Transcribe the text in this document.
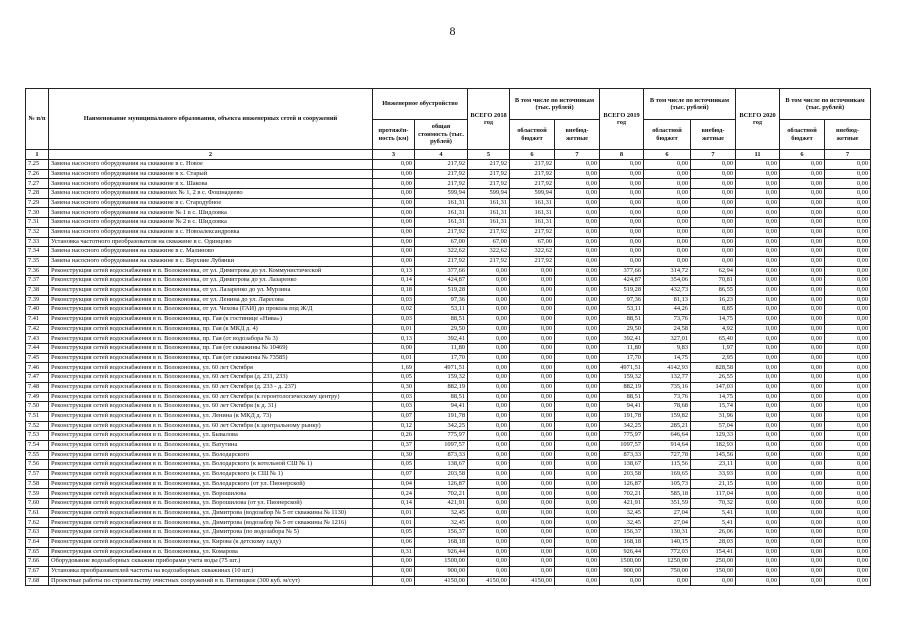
8
№ п/п	Наименование муниципального образования, объекта инженерных сетей и сооружений	Инженерное обустройство		ВСЕГО 2018 год	В том числе по источникам (тыс. рублей)		ВСЕГО 2019 год	В том числе по источникам (тыс. рублей)		ВСЕГО 2020 год	В том числе по источникам (тыс. рублей)	
		протяжён-ность (км)	общая стоимость (тыс. рублей)		областной бюджет	внебюд-жетные		областной бюджет	внебюд-жетные		областной бюджет	внебюд-жетные
1	2	3	4	5	6	7	8	6	7	11	6	7
7.25	Замена насосного оборудования на скважине в с. Новое	0,00	217,92	217,92	217,92	0,00	0,00	0,00	0,00	0,00	0,00	0,00
7.26	Замена насосного оборудования на скважине в х. Старый	0,00	217,92	217,92	217,92	0,00	0,00	0,00	0,00	0,00	0,00	0,00
7.27	Замена насосного оборудования на скважине в х. Шакова	0,00	217,92	217,92	217,92	0,00	0,00	0,00	0,00	0,00	0,00	0,00
7.28	Замена насосного оборудования на скважинах № 1, 2 в с. Фошнадеево	0,00	599,94	599,94	599,94	0,00	0,00	0,00	0,00	0,00	0,00	0,00
7.29	Замена насосного оборудования на скважине в с. Стародубное	0,00	161,31	161,31	161,31	0,00	0,00	0,00	0,00	0,00	0,00	0,00
7.30	Замена насосного оборудования на скважине № 1 в с. Шидловка	0,00	161,31	161,31	161,31	0,00	0,00	0,00	0,00	0,00	0,00	0,00
7.31	Замена насосного оборудования на скважине № 2 в с. Шидловка	0,00	161,31	161,31	161,31	0,00	0,00	0,00	0,00	0,00	0,00	0,00
7.32	Замена насосного оборудования на скважине в с. Новоалександровка	0,00	217,92	217,92	217,92	0,00	0,00	0,00	0,00	0,00	0,00	0,00
7.33	Установка частотного преобразователя на скважине в с. Одинцово	0,00	67,00	67,00	67,00	0,00	0,00	0,00	0,00	0,00	0,00	0,00
7.34	Замена насосного оборудования на скважине в с. Малиново	0,00	322,62	322,62	322,62	0,00	0,00	0,00	0,00	0,00	0,00	0,00
7.35	Замена насосного оборудования на скважине в с. Верхние Лубянки	0,00	217,92	217,92	217,92	0,00	0,00	0,00	0,00	0,00	0,00	0,00
7.36	Реконструкция сетей водоснабжения в п. Волоконовка, от ул. Димитрова до ул. Коммунистической	0,13	377,66	0,00	0,00	0,00	377,66	314,72	62,94	0,00	0,00	0,00
7.37	Реконструкция сетей водоснабжения в п. Волоконовка, от ул. Димитрова до ул. Лазаренко	0,14	424,87	0,00	0,00	0,00	424,87	354,06	70,81	0,00	0,00	0,00
7.38	Реконструкция сетей водоснабжения в п. Волоконовка, от ул. Лазаренко до ул. Мурзина	0,18	519,28	0,00	0,00	0,00	519,28	432,73	86,55	0,00	0,00	0,00
7.39	Реконструкция сетей водоснабжения в п. Волоконовка, от ул. Ленина до ул. Ларесова	0,03	97,36	0,00	0,00	0,00	97,36	81,13	16,23	0,00	0,00	0,00
7.40	Реконструкция сетей водоснабжения в п. Волоконовка, от ул. Чехова (ГАИ) до прокола под Ж/Д	0,02	53,11	0,00	0,00	0,00	53,11	44,26	8,85	0,00	0,00	0,00
7.41	Реконструкция сетей водоснабжения в п. Волоконовка, пр. Гая (к гостинице «Нива»)	0,03	88,51	0,00	0,00	0,00	88,51	73,76	14,75	0,00	0,00	0,00
7.42	Реконструкция сетей водоснабжения в п. Волоконовка, пр. Гая (к МКД д. 4)	0,01	29,50	0,00	0,00	0,00	29,50	24,58	4,92	0,00	0,00	0,00
7.43	Реконструкция сетей водоснабжения в п. Волоконовка, пр. Гая (от водозабора № 3)	0,13	392,41	0,00	0,00	0,00	392,41	327,01	65,40	0,00	0,00	0,00
7.44	Реконструкция сетей водоснабжения в п. Волоконовка, пр. Гая (от скважины № 10469)	0,00	11,80	0,00	0,00	0,00	11,80	9,83	1,97	0,00	0,00	0,00
7.45	Реконструкция сетей водоснабжения в п. Волоконовка, пр. Гая (от скважины № 73585)	0,01	17,70	0,00	0,00	0,00	17,70	14,75	2,95	0,00	0,00	0,00
7.46	Реконструкция сетей водоснабжения в п. Волоконовка, ул. 60 лет Октября	1,69	4971,51	0,00	0,00	0,00	4971,51	4142,93	828,58	0,00	0,00	0,00
7.47	Реконструкция сетей водоснабжения в п. Волоконовка, ул. 60 лет Октября (д. 231, 233)	0,05	159,32	0,00	0,00	0,00	159,32	132,77	26,55	0,00	0,00	0,00
7.48	Реконструкция сетей водоснабжения в п. Волоконовка, ул. 60 лет Октября (д. 233 - д. 237)	0,30	882,19	0,00	0,00	0,00	882,19	735,16	147,03	0,00	0,00	0,00
7.49	Реконструкция сетей водоснабжения в п. Волоконовка, ул. 60 лет Октября (к геронтологическому центру)	0,03	88,51	0,00	0,00	0,00	88,51	73,76	14,75	0,00	0,00	0,00
7.50	Реконструкция сетей водоснабжения в п. Волоконовка, ул. 60 лет Октября (к д. 31)	0,03	94,41	0,00	0,00	0,00	94,41	78,68	15,74	0,00	0,00	0,00
7.51	Реконструкция сетей водоснабжения в п. Волоконовка, ул. Ленина (к МКД д. 73)	0,07	191,78	0,00	0,00	0,00	191,78	159,82	31,96	0,00	0,00	0,00
7.52	Реконструкция сетей водоснабжения в п. Волоконовка, ул. 60 лет Октября (к центральному рынку)	0,12	342,25	0,00	0,00	0,00	342,25	285,21	57,04	0,00	0,00	0,00
7.53	Реконструкция сетей водоснабжения в п. Волоконовка, ул. Бывалова	0,26	775,97	0,00	0,00	0,00	775,97	646,64	129,33	0,00	0,00	0,00
7.54	Реконструкция сетей водоснабжения в п. Волоконовка, ул. Ватутина	0,37	1097,57	0,00	0,00	0,00	1097,57	914,64	182,93	0,00	0,00	0,00
7.55	Реконструкция сетей водоснабжения в п. Волоконовка, ул. Володарского	0,30	873,33	0,00	0,00	0,00	873,33	727,78	145,56	0,00	0,00	0,00
7.56	Реконструкция сетей водоснабжения в п. Волоконовка, ул. Володарского (к котельной СШ № 1)	0,05	138,67	0,00	0,00	0,00	138,67	115,56	23,11	0,00	0,00	0,00
7.57	Реконструкция сетей водоснабжения в п. Волоконовка, ул. Володарского (к СШ № 1)	0,07	203,58	0,00	0,00	0,00	203,58	169,65	33,93	0,00	0,00	0,00
7.58	Реконструкция сетей водоснабжения в п. Волоконовка, ул. Володарского (от ул. Пионерской)	0,04	126,87	0,00	0,00	0,00	126,87	105,73	21,15	0,00	0,00	0,00
7.59	Реконструкция сетей водоснабжения в п. Волоконовка, ул. Ворошилова	0,24	702,21	0,00	0,00	0,00	702,21	585,18	117,04	0,00	0,00	0,00
7.60	Реконструкция сетей водоснабжения в п. Волоконовка, ул. Ворошилова (от ул. Пионерской)	0,14	421,91	0,00	0,00	0,00	421,91	351,59	70,32	0,00	0,00	0,00
7.61	Реконструкция сетей водоснабжения в п. Волоконовка, ул. Димитрова (водозабор № 5 от скважины № 1130)	0,01	32,45	0,00	0,00	0,00	32,45	27,04	5,41	0,00	0,00	0,00
7.62	Реконструкция сетей водоснабжения в п. Волоконовка, ул. Димитрова (водозабор № 5 от скважины № 1216)	0,01	32,45	0,00	0,00	0,00	32,45	27,04	5,41	0,00	0,00	0,00
7.63	Реконструкция сетей водоснабжения в п. Волоконовка, ул. Димитрова (по водозабора № 5)	0,05	156,37	0,00	0,00	0,00	156,37	130,31	26,06	0,00	0,00	0,00
7.64	Реконструкция сетей водоснабжения в п. Волоконовка, ул. Кирова (к детскому саду)	0,06	168,18	0,00	0,00	0,00	168,18	140,15	28,03	0,00	0,00	0,00
7.65	Реконструкция сетей водоснабжения в п. Волоконовка, ул. Комарова	0,31	926,44	0,00	0,00	0,00	926,44	772,03	154,41	0,00	0,00	0,00
7.66	Оборудование водозаборных скважин приборами учета воды (75 шт.)	0,00	1500,00	0,00	0,00	0,00	1500,00	1250,00	250,00	0,00	0,00	0,00
7.67	Установка преобразователей частоты на водозаборных скважинах (10 шт.)	0,00	900,00	0,00	0,00	0,00	900,00	750,00	150,00	0,00	0,00	0,00
7.68	Проектные работы по строительству очистных сооружений в п. Пятницкое (300 куб. м/сут)	0,00	4150,00	4150,00	4150,00	0,00	0,00	0,00	0,00	0,00	0,00	0,00
